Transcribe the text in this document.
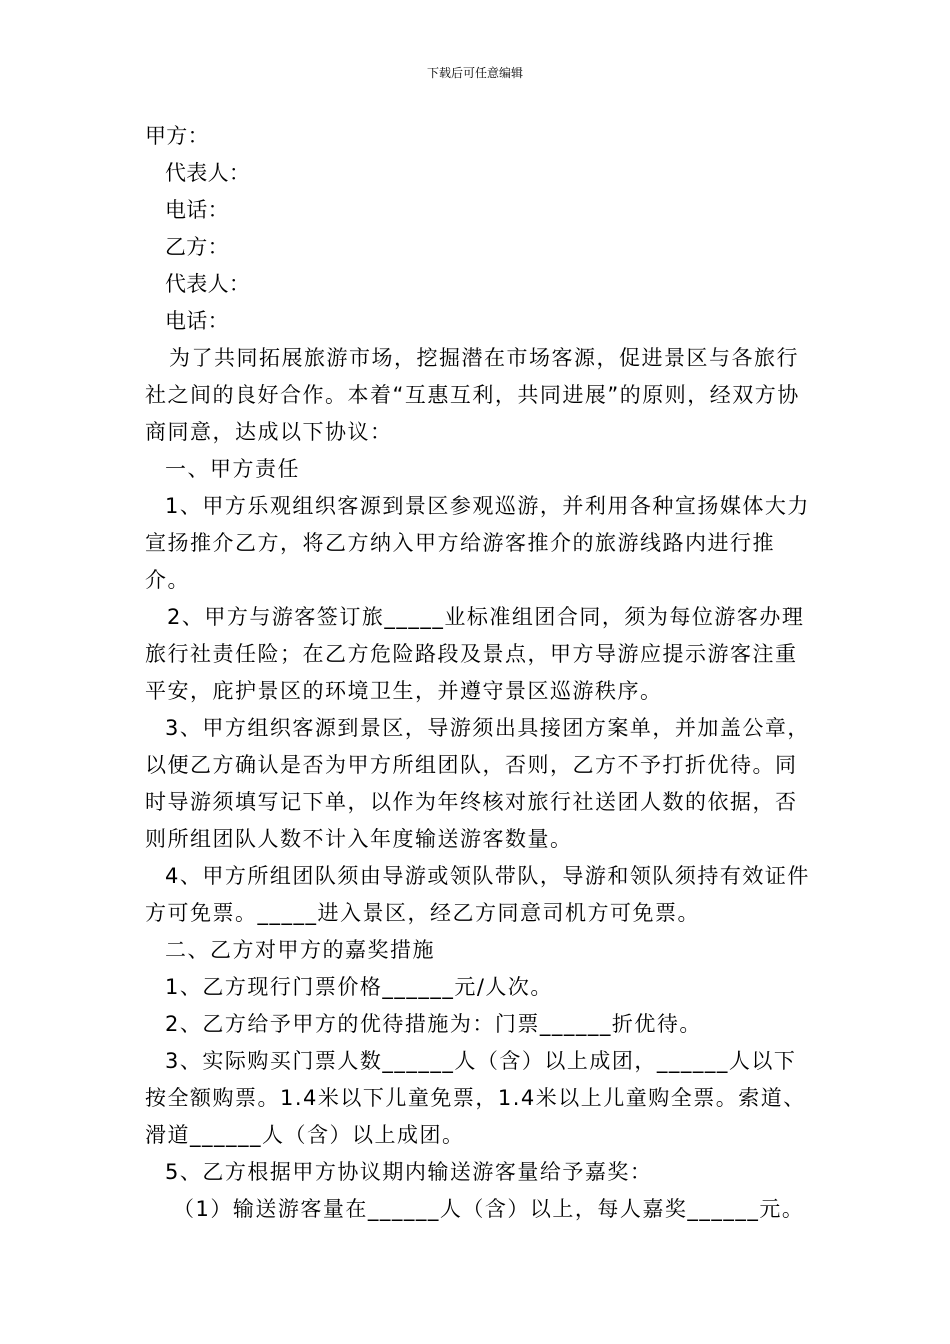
下载后可任意编辑
甲方：
代表人：
电话：
乙方：
代表人：
电话：
为了共同拓展旅游市场，挖掘潜在市场客源，促进景区与各旅行社之间的良好合作。本着“互惠互利，共同进展”的原则，经双方协商同意，达成以下协议：
一、甲方责任
1、甲方乐观组织客源到景区参观巡游，并利用各种宣扬媒体大力宣扬推介乙方，将乙方纳入甲方给游客推介的旅游线路内进行推介。
2、甲方与游客签订旅_____业标准组团合同，须为每位游客办理旅行社责任险；在乙方危险路段及景点，甲方导游应提示游客注重平安，庇护景区的环境卫生，并遵守景区巡游秩序。
3、甲方组织客源到景区，导游须出具接团方案单，并加盖公章，以便乙方确认是否为甲方所组团队，否则，乙方不予打折优待。同时导游须填写记下单，以作为年终核对旅行社送团人数的依据，否则所组团队人数不计入年度输送游客数量。
4、甲方所组团队须由导游或领队带队，导游和领队须持有效证件方可免票。_____进入景区，经乙方同意司机方可免票。
二、乙方对甲方的嘉奖措施
1、乙方现行门票价格______元/人次。
2、乙方给予甲方的优待措施为：门票______折优待。
3、实际购买门票人数______人（含）以上成团，______人以下按全额购票。1.4米以下儿童免票，1.4米以上儿童购全票。索道、滑道______人（含）以上成团。
5、乙方根据甲方协议期内输送游客量给予嘉奖：
（1）输送游客量在______人（含）以上，每人嘉奖______元。
